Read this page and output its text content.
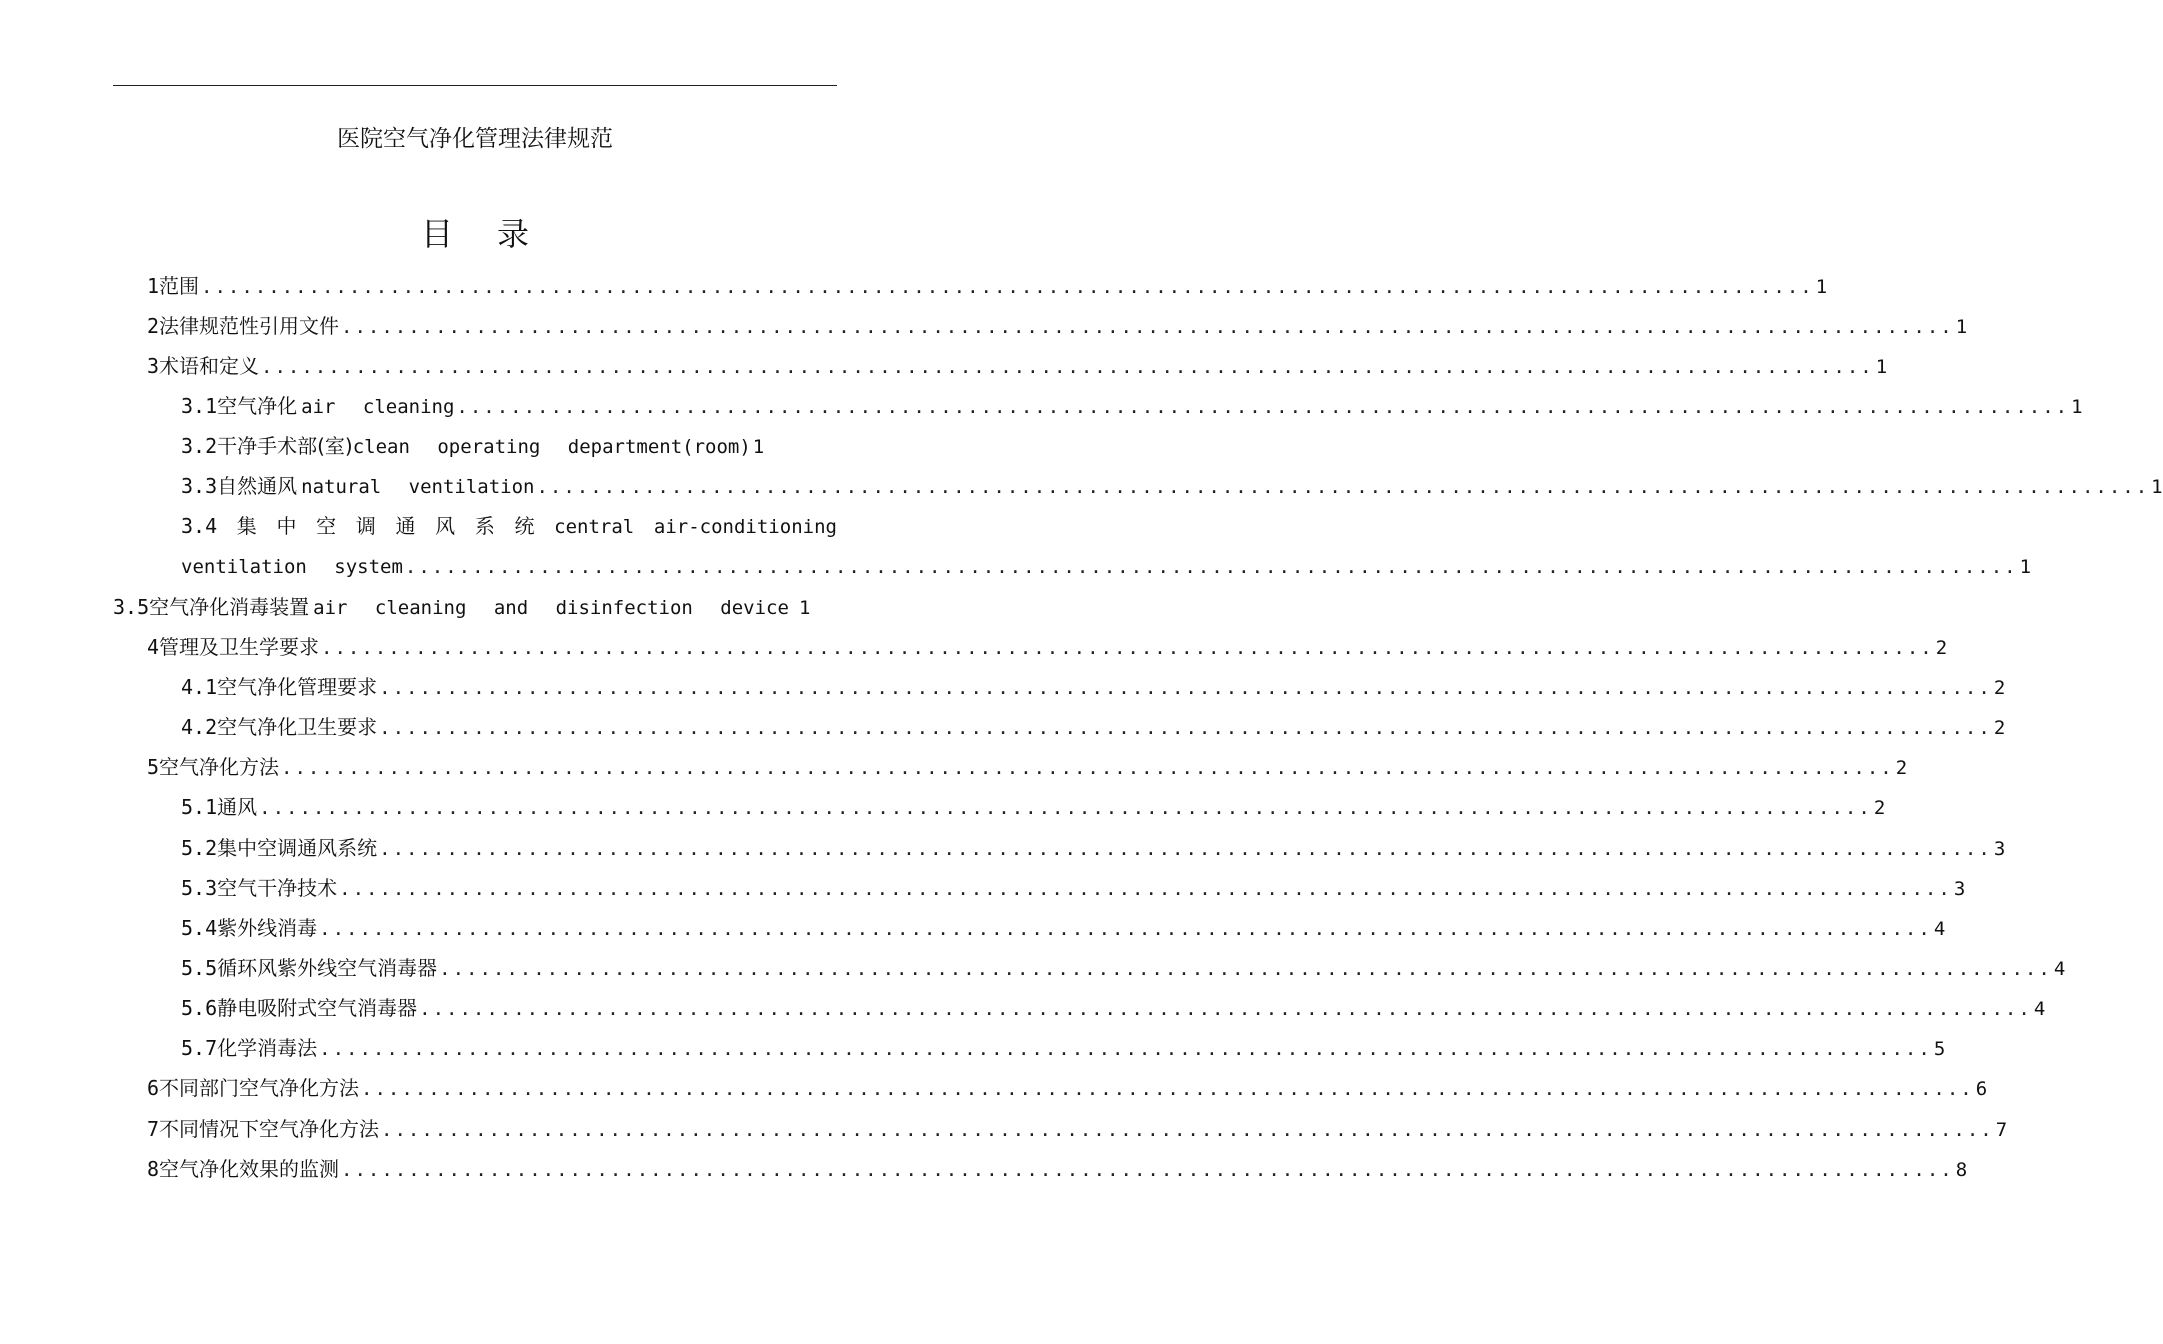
医院空气净化管理法律规范
目 录
1 范围 ........................................................................................................................ 1
2 法律规范性引用文件 ........................................................................................................................ 1
3 术语和定义 ........................................................................................................................ 1
3.1 空气净化 air cleaning ........................................................................................................................ 1
3.2 干净手术部(室) clean operating department(room) 1
3.3 自然通风 natural ventilation ........................................................................................................................ 1
3.4 集 中 空 调 通 风 系 统 central air-conditioning
ventilation system ........................................................................................................................ 1
3.5 空气净化消毒装置 air cleaning and disinfection device 1
4 管理及卫生学要求 ........................................................................................................................ 2
4.1 空气净化管理要求 ........................................................................................................................ 2
4.2 空气净化卫生要求 ........................................................................................................................ 2
5 空气净化方法 ........................................................................................................................ 2
5.1 通风 ........................................................................................................................ 2
5.2 集中空调通风系统 ........................................................................................................................ 3
5.3 空气干净技术 ........................................................................................................................ 3
5.4 紫外线消毒 ........................................................................................................................ 4
5.5 循环风紫外线空气消毒器 ........................................................................................................................ 4
5.6 静电吸附式空气消毒器 ........................................................................................................................ 4
5.7 化学消毒法 ........................................................................................................................ 5
6 不同部门空气净化方法 ........................................................................................................................ 6
7 不同情况下空气净化方法 ........................................................................................................................ 7
8 空气净化效果的监测 ........................................................................................................................ 8
